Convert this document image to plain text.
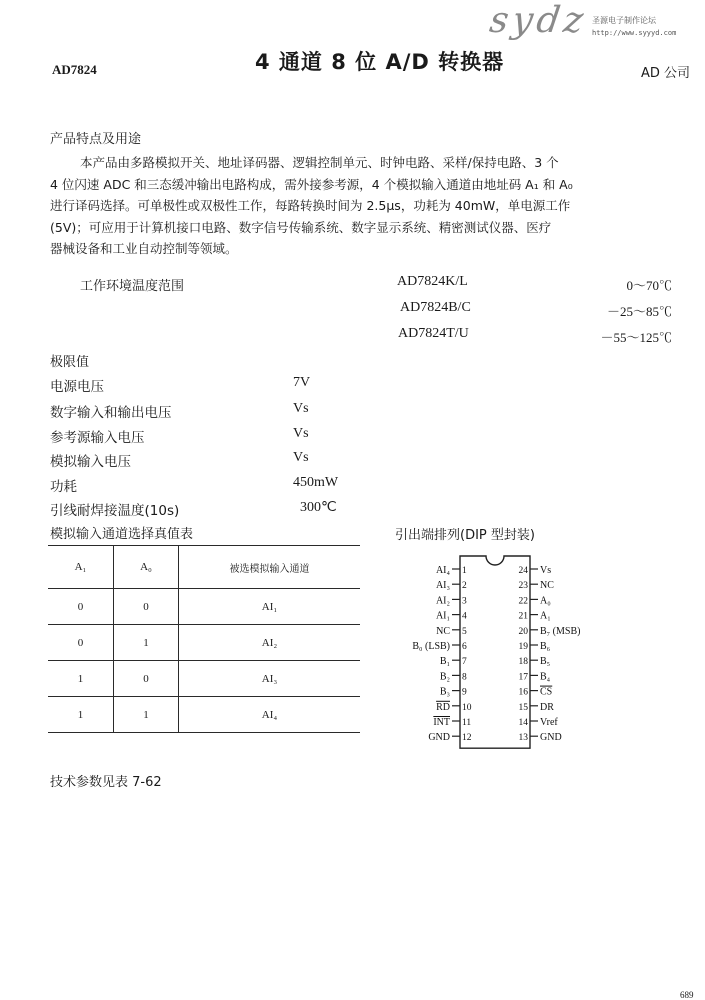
sydz 圣源电子制作论坛
http://www.syyyd.com
AD7824	4 通道 8 位 A/D 转换器	AD 公司
产品特点及用途

本产品由多路模拟开关、地址译码器、逻辑控制单元、时钟电路、采样/保持电路、3 个

4 位闪速 ADC 和三态缓冲输出电路构成，需外接参考源，4 个模拟输入通道由地址码 A₁ 和 A₀

进行译码选择。可单极性或双极性工作，每路转换时间为 2.5μs，功耗为 40mW，单电源工作

(5V)；可应用于计算机接口电路、数字信号传输系统、数字显示系统、精密测试仪器、医疗

器械设备和工业自动控制等领域。

工作环境温度范围	AD7824K/L	0～70℃
AD7824B/C	－25～85℃
AD7824T/U	－55～125℃
极限值
电源电压	7V
数字输入和输出电压	Vs
参考源输入电压	Vs
模拟输入电压	Vs
功耗	450mW
引线耐焊接温度(10s)	300℃
模拟输入通道选择真值表
A₁	A₀	被选模拟输入通道
0	0	AI₁
0	1	AI₂
1	0	AI₃
1	1	AI₄
引出端排列(DIP 型封装)
AI₄ 1
AI₃ 2
AI₂ 3
AI₁ 4
NC 5
B₀ (LSB) 6
B₁ 7
B₂ 8
B₃ 9
RD 10
INT 11
GND 12
24 Vs
23 NC
22 A₀
21 A₁
20 B₇ (MSB)
19 B₆
18 B₅
17 B₄
16 CS
15 DR
14 Vref
13 GND
技术参数见表 7-62
689
